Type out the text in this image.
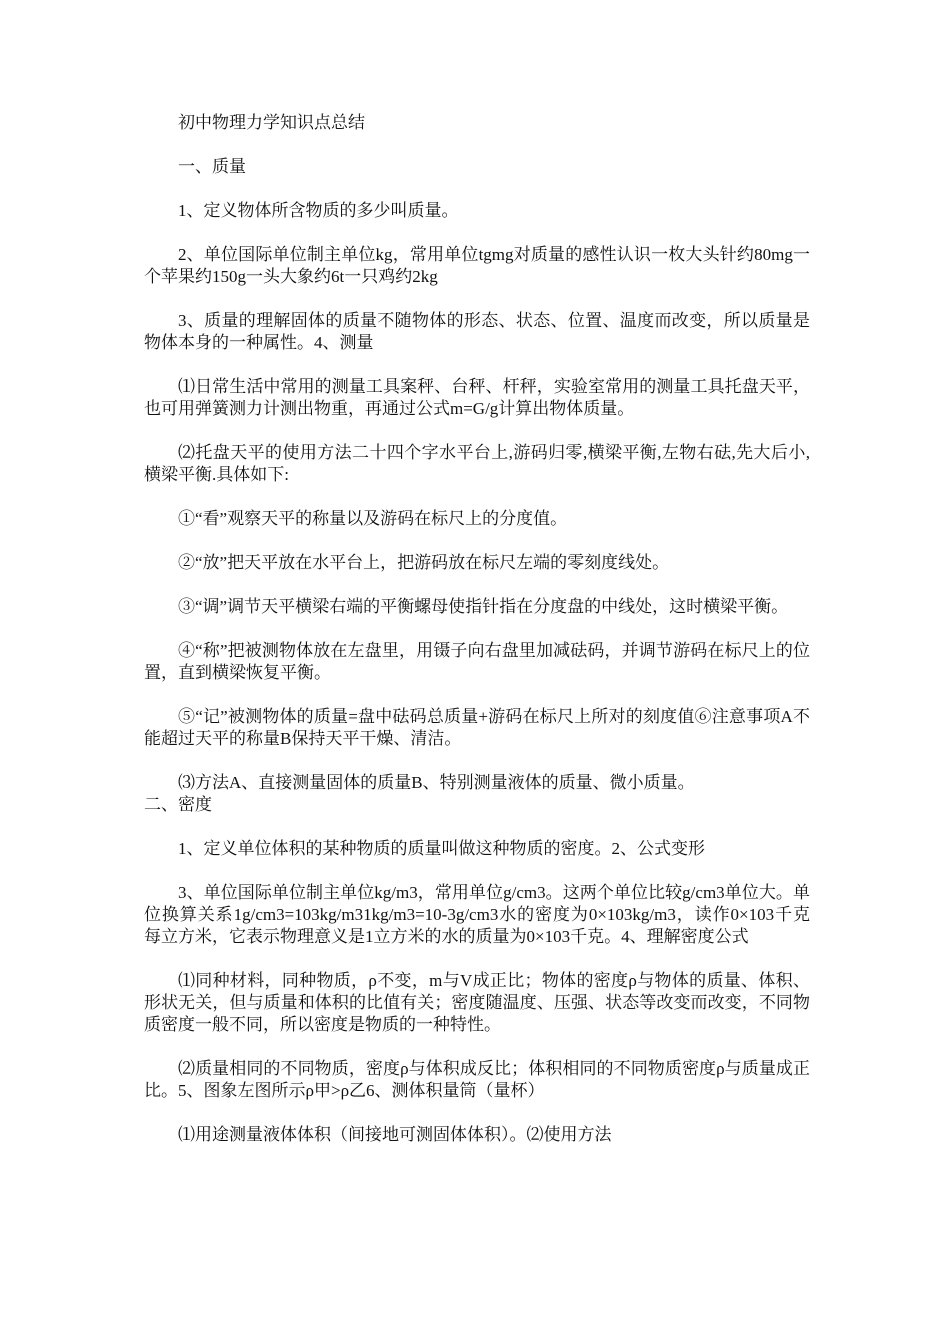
初中物理力学知识点总结

一、质量

1、定义物体所含物质的多少叫质量。

2、单位国际单位制主单位kg，常用单位tgmg对质量的感性认识一枚大头针约80mg一个苹果约150g一头大象约6t一只鸡约2kg

3、质量的理解固体的质量不随物体的形态、状态、位置、温度而改变，所以质量是物体本身的一种属性。4、测量

⑴日常生活中常用的测量工具案秤、台秤、杆秤，实验室常用的测量工具托盘天平，也可用弹簧测力计测出物重，再通过公式m=G/g计算出物体质量。

⑵托盘天平的使用方法二十四个字水平台上,游码归零,横梁平衡,左物右砝,先大后小,横梁平衡.具体如下:

①“看”观察天平的称量以及游码在标尺上的分度值。

②“放”把天平放在水平台上，把游码放在标尺左端的零刻度线处。

③“调”调节天平横梁右端的平衡螺母使指针指在分度盘的中线处，这时横梁平衡。

④“称”把被测物体放在左盘里，用镊子向右盘里加减砝码，并调节游码在标尺上的位置，直到横梁恢复平衡。

⑤“记”被测物体的质量=盘中砝码总质量+游码在标尺上所对的刻度值⑥注意事项A不能超过天平的称量B保持天平干燥、清洁。

⑶方法A、直接测量固体的质量B、特别测量液体的质量、微小质量。

二、密度

1、定义单位体积的某种物质的质量叫做这种物质的密度。2、公式变形

3、单位国际单位制主单位kg/m3，常用单位g/cm3。这两个单位比较g/cm3单位大。单位换算关系1g/cm3=103kg/m31kg/m3=10-3g/cm3水的密度为0×103kg/m3，读作0×103千克每立方米，它表示物理意义是1立方米的水的质量为0×103千克。4、理解密度公式

⑴同种材料，同种物质，ρ不变，m与V成正比；物体的密度ρ与物体的质量、体积、形状无关，但与质量和体积的比值有关；密度随温度、压强、状态等改变而改变，不同物质密度一般不同，所以密度是物质的一种特性。

⑵质量相同的不同物质，密度ρ与体积成反比；体积相同的不同物质密度ρ与质量成正比。5、图象左图所示ρ甲>ρ乙6、测体积量筒（量杯）

⑴用途测量液体体积（间接地可测固体体积）。⑵使用方法
